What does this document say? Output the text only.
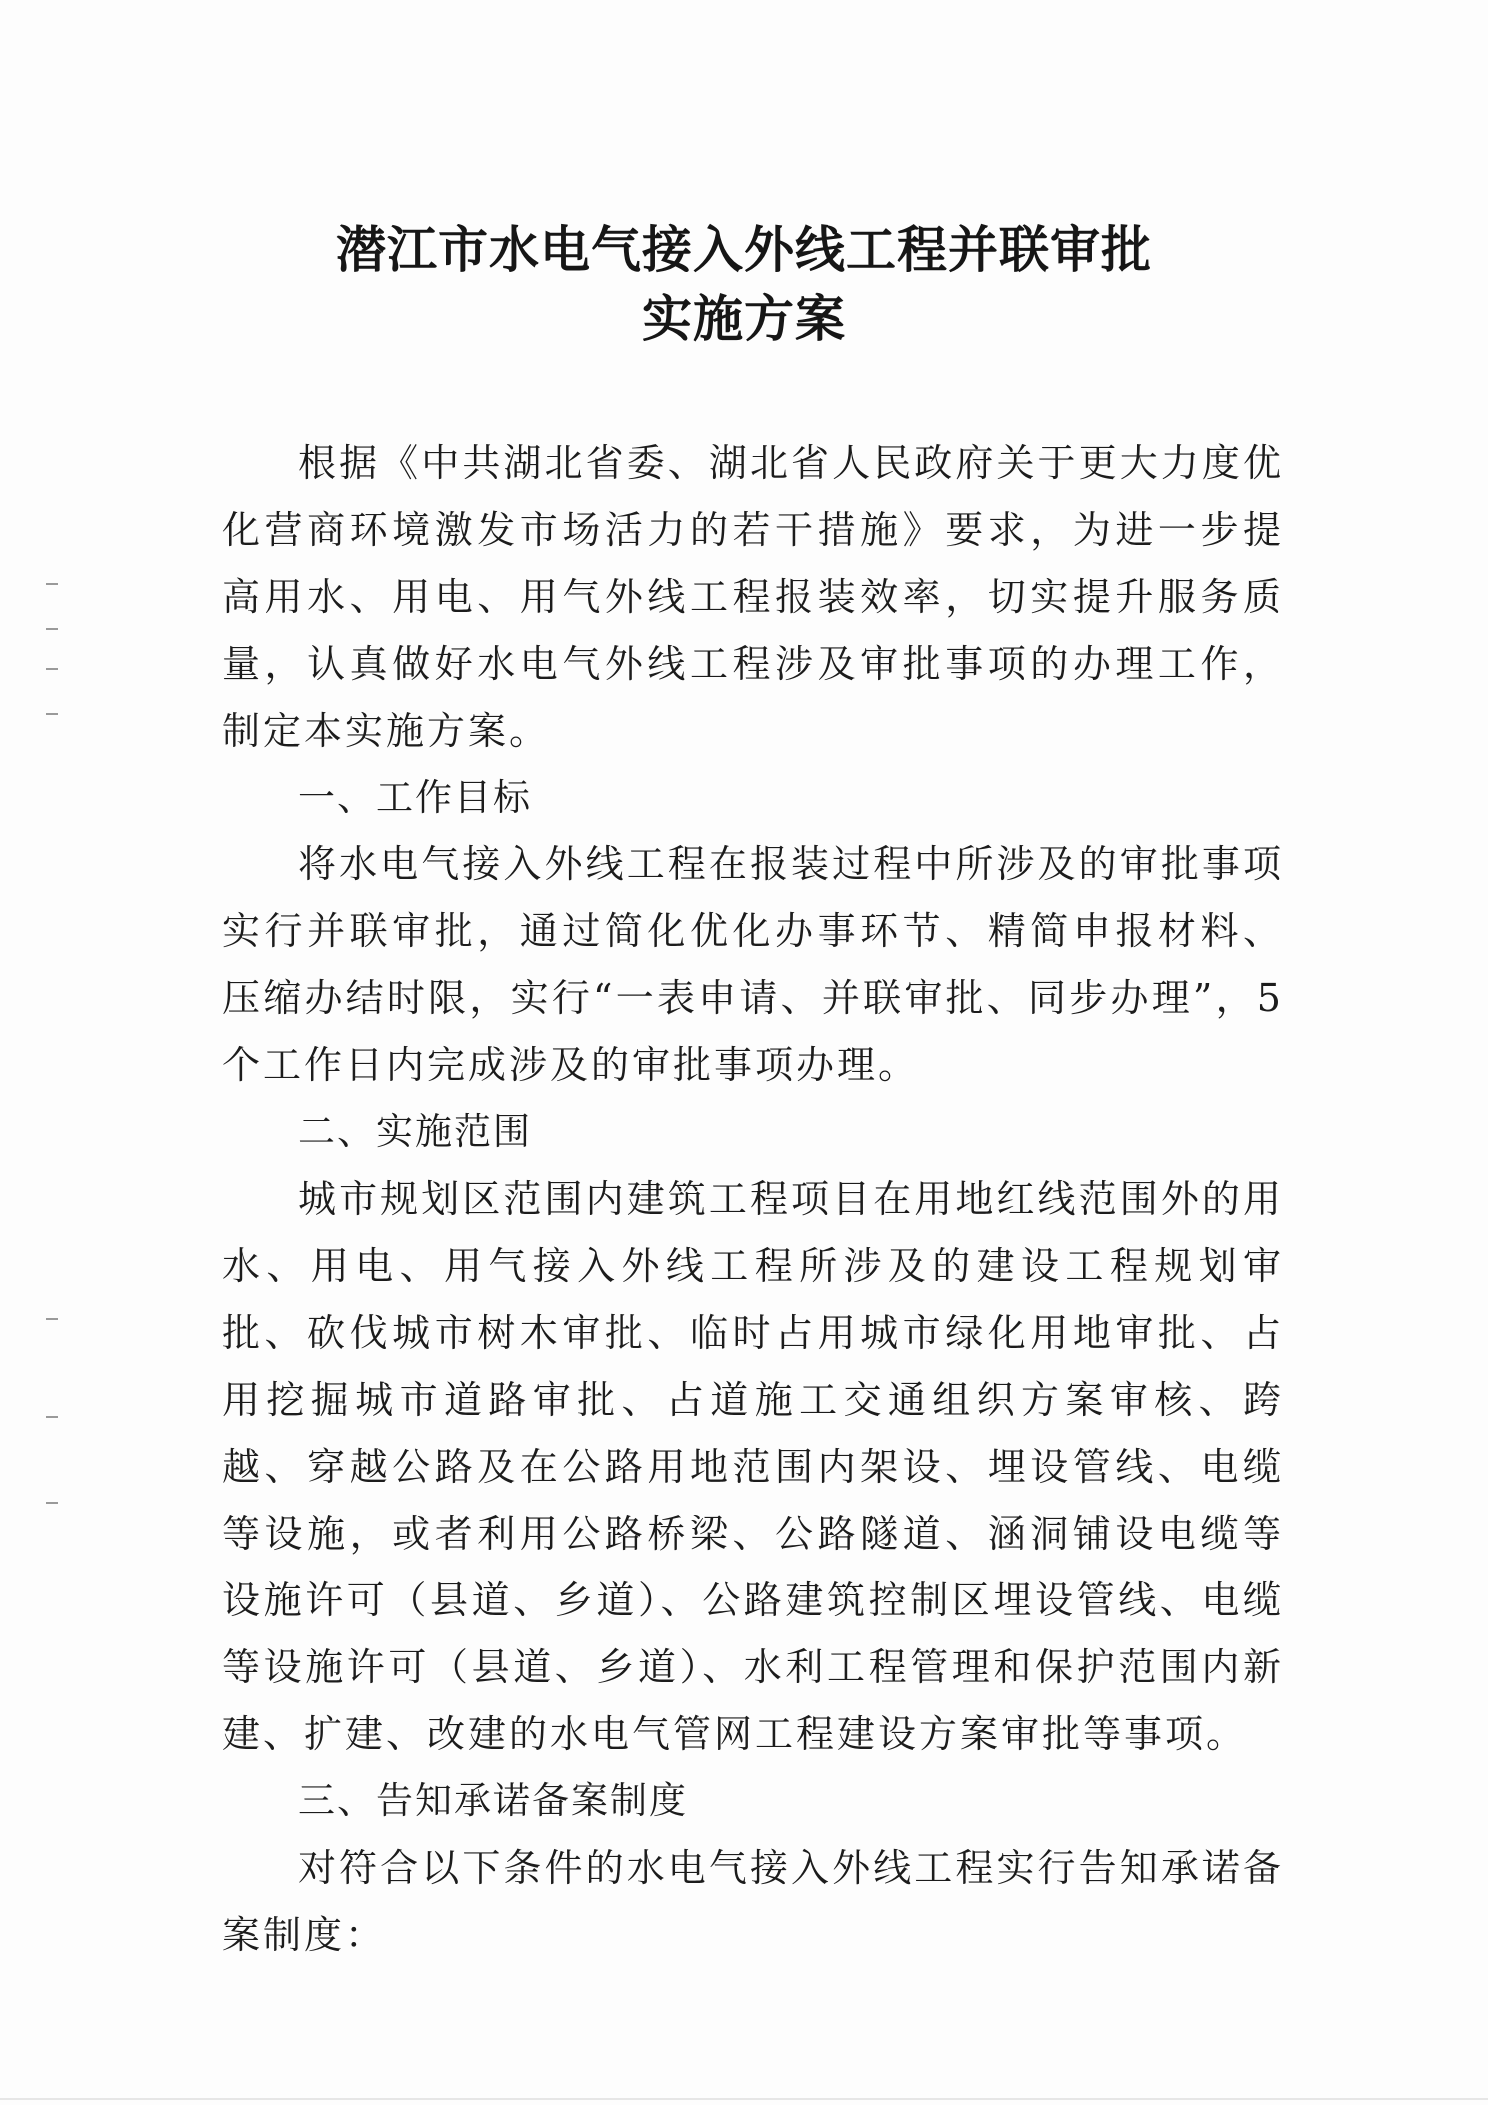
潜江市水电气接入外线工程并联审批
实施方案

根据《中共湖北省委、湖北省人民政府关于更大力度优化营商环境激发市场活力的若干措施》要求，为进一步提高用水、用电、用气外线工程报装效率，切实提升服务质量，认真做好水电气外线工程涉及审批事项的办理工作，制定本实施方案。

一、工作目标

将水电气接入外线工程在报装过程中所涉及的审批事项实行并联审批，通过简化优化办事环节、精简申报材料、压缩办结时限，实行“一表申请、并联审批、同步办理”，5个工作日内完成涉及的审批事项办理。

二、实施范围

城市规划区范围内建筑工程项目在用地红线范围外的用水、用电、用气接入外线工程所涉及的建设工程规划审批、砍伐城市树木审批、临时占用城市绿化用地审批、占用挖掘城市道路审批、占道施工交通组织方案审核、跨越、穿越公路及在公路用地范围内架设、埋设管线、电缆等设施，或者利用公路桥梁、公路隧道、涵洞铺设电缆等设施许可（县道、乡道）、公路建筑控制区埋设管线、电缆等设施许可（县道、乡道）、水利工程管理和保护范围内新建、扩建、改建的水电气管网工程建设方案审批等事项。

三、告知承诺备案制度

对符合以下条件的水电气接入外线工程实行告知承诺备案制度：
